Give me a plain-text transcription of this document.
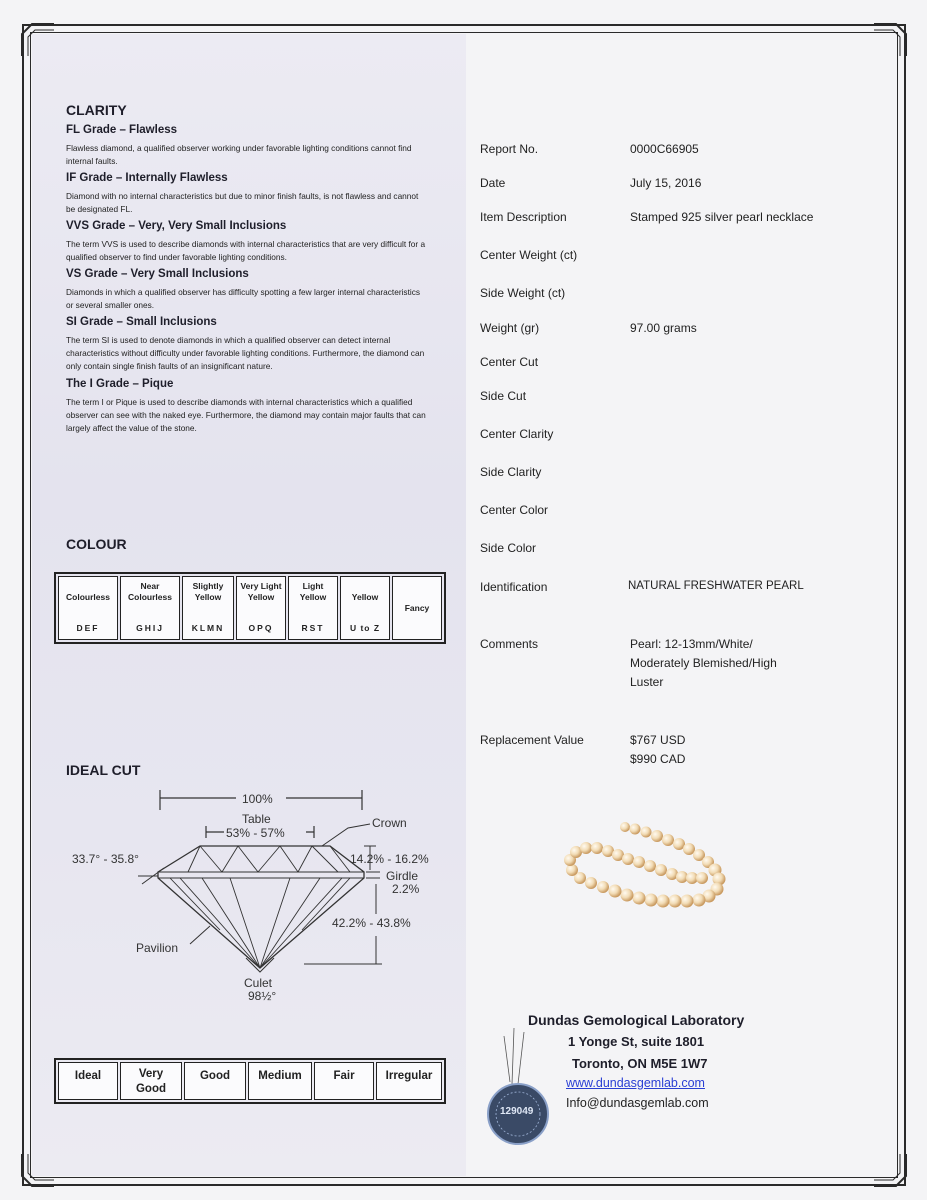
CLARITY
FL Grade – Flawless
Flawless diamond, a qualified observer working under favorable lighting conditions cannot find internal faults.
IF Grade – Internally Flawless
Diamond with no internal characteristics but due to minor finish faults, is not flawless and cannot be designated FL.
VVS Grade – Very, Very Small Inclusions
The term VVS is used to describe diamonds with internal characteristics that are very difficult for a qualified observer to find under favorable lighting conditions.
VS Grade – Very Small Inclusions
Diamonds in which a qualified observer has difficulty spotting a few larger internal characteristics or several smaller ones.
SI Grade – Small Inclusions
The term SI is used to denote diamonds in which a qualified observer can detect internal characteristics without difficulty under favorable lighting conditions. Furthermore, the diamond can only contain single finish faults of an insignificant nature.
The I Grade – Pique
The term I or Pique is used to describe diamonds with internal characteristics which a qualified observer can see with the naked eye. Furthermore, the diamond may contain major faults that can largely affect the value of the stone.
COLOUR
Colourless
DEF
Near Colourless
GHIJ
Slightly Yellow
KLMN
Very Light Yellow
OPQ
Light Yellow
RST
Yellow
U to Z
Fancy
IDEAL CUT
100%
Table
53% - 57%
Crown
33.7° - 35.8°	14.2% - 16.2%
Girdle
2.2%
42.2% - 43.8%
Pavilion
Culet
98½°
Ideal	Very Good
Good	Medium	Fair	Irregular
Report No.	0000C66905
Date	July 15, 2016
Item Description	Stamped 925 silver pearl necklace
Center Weight (ct)
Side Weight (ct)
Weight (gr)	97.00 grams
Center Cut
Side Cut
Center Clarity
Side Clarity
Center Color
Side Color
Identification	NATURAL FRESHWATER PEARL
Comments	Pearl: 12-13mm/White/
Moderately Blemished/High
Luster
Replacement Value	$767 USD
$990 CAD
Dundas Gemological Laboratory
1 Yonge St, suite 1801
Toronto, ON M5E 1W7
www.dundasgemlab.com
Info@dundasgemlab.com
129049
